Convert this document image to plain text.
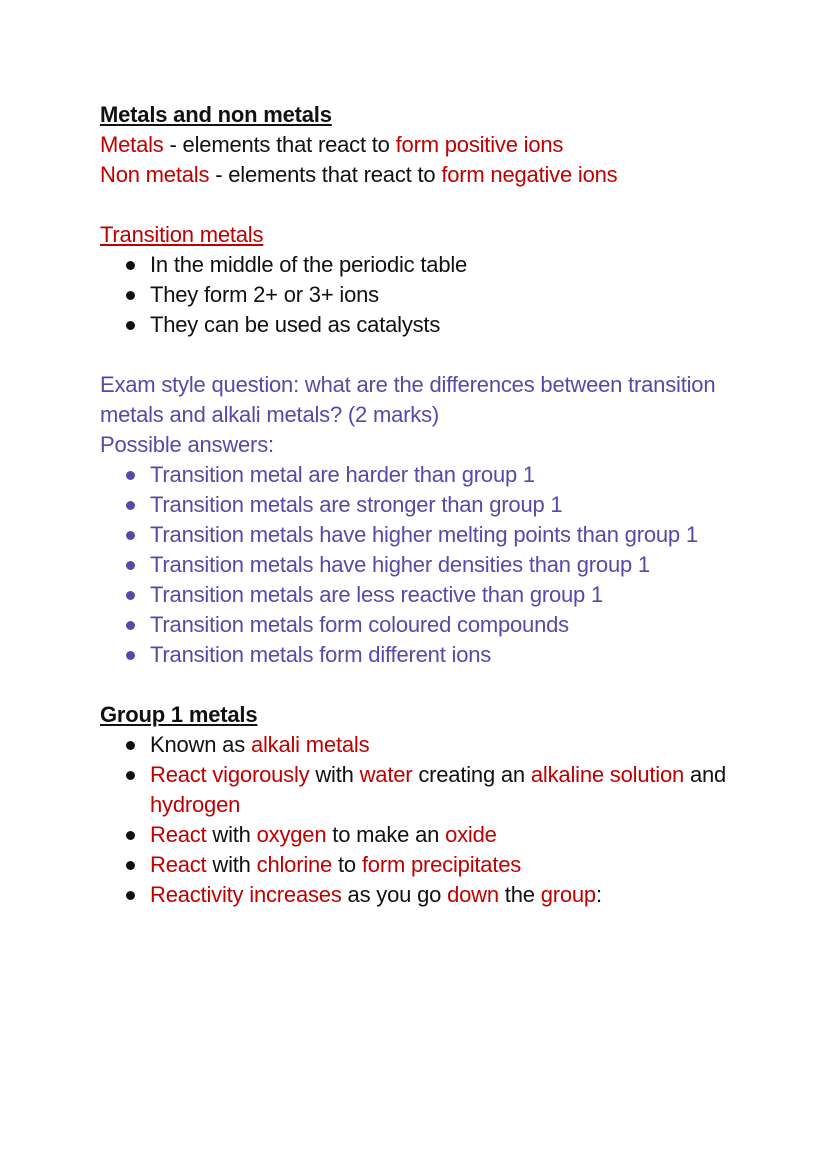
Metals and non metals

Metals - elements that react to form positive ions

Non metals - elements that react to form negative ions

Transition metals

In the middle of the periodic table
They form 2+ or 3+ ions
They can be used as catalysts

Exam style question: what are the differences between transition metals and alkali metals? (2 marks)

Possible answers:

Transition metal are harder than group 1
Transition metals are stronger than group 1
Transition metals have higher melting points than group 1
Transition metals have higher densities than group 1
Transition metals are less reactive than group 1
Transition metals form coloured compounds
Transition metals form different ions

Group 1 metals

Known as alkali metals
React vigorously with water creating an alkaline solution and hydrogen
React with oxygen to make an oxide
React with chlorine to form precipitates
Reactivity increases as you go down the group:
